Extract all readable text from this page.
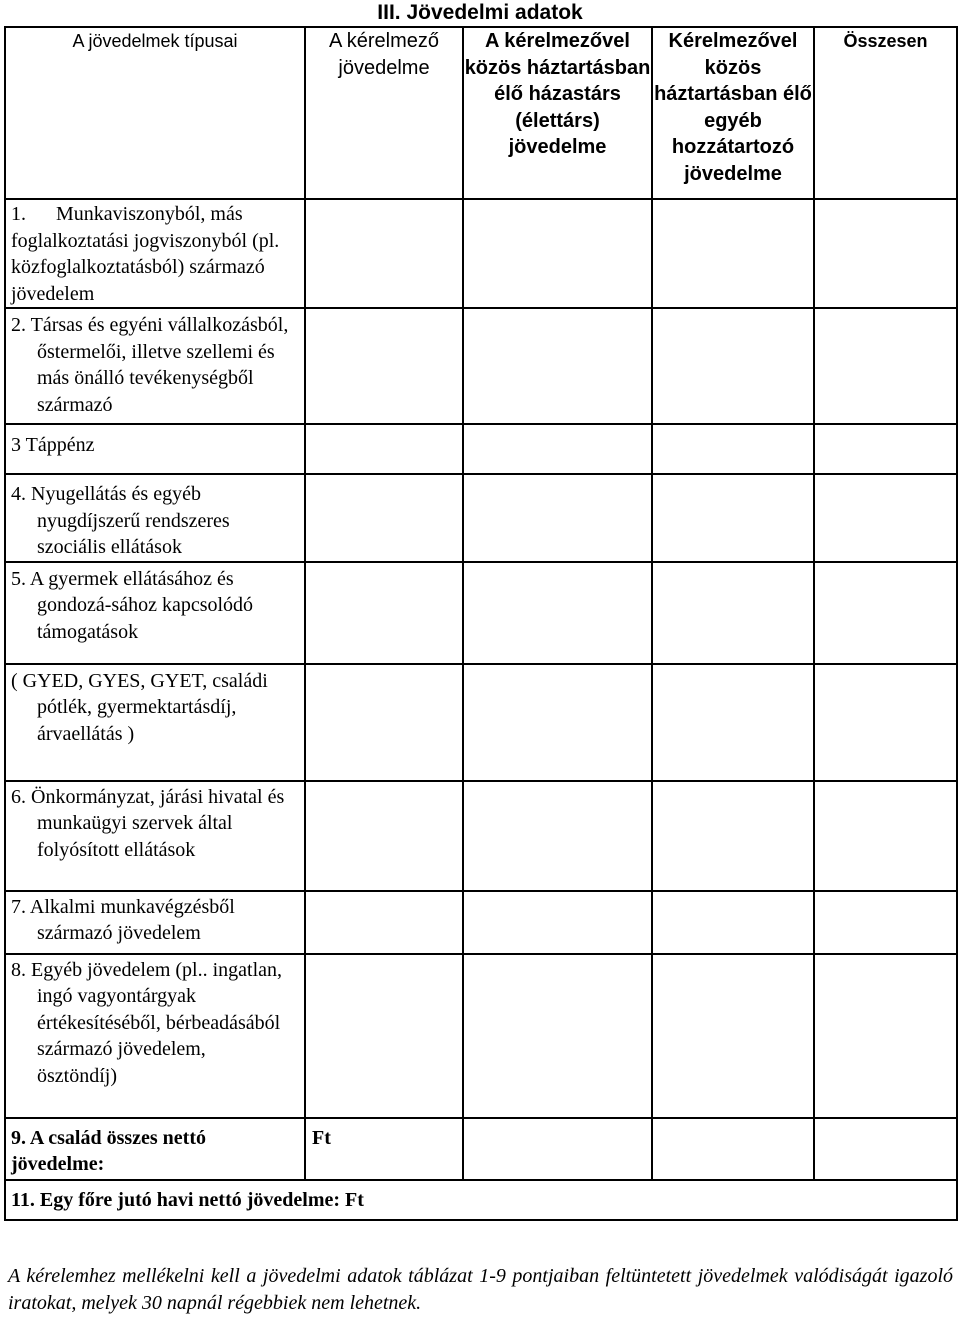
III. Jövedelmi adatok
A jövedelmek típusai	A kérelmező jövedelme	A kérelmezővel közös háztartásban élő házastárs (élettárs) jövedelme	Kérelmezővel közös háztartásban élő egyéb hozzátartozó jövedelme	Összesen

1.      Munkaviszonyból, más
foglalkoztatási jogviszonyból (pl. közfoglalkoztatásból) származó jövedelem				

2. Társas és egyéni vállalkozásból, őstermelői, illetve szellemi és más önálló tevékenységből származó				

3 Táppénz				

4. Nyugellátás és egyéb nyugdíjszerű rendszeres szociális ellátások				

5. A gyermek ellátásához és gondozá-sához kapcsolódó támogatások				

( GYED, GYES, GYET, családi pótlék, gyermektartásdíj, árvaellátás )				

6. Önkormányzat, járási hivatal és munkaügyi szervek által folyósított ellátások				

7. Alkalmi munkavégzésből származó jövedelem				

8. Egyéb jövedelem (pl.. ingatlan, ingó vagyontárgyak értékesítéséből, bérbeadásából származó jövedelem, ösztöndíj)				

9. A család összes nettó jövedelme:	Ft			
11. Egy főre jutó havi nettó jövedelme: Ft				
A kérelemhez mellékelni kell a jövedelmi adatok táblázat 1-9 pontjaiban feltüntetett jövedelmek valódiságát igazoló iratokat, melyek 30 napnál régebbiek nem lehetnek.
